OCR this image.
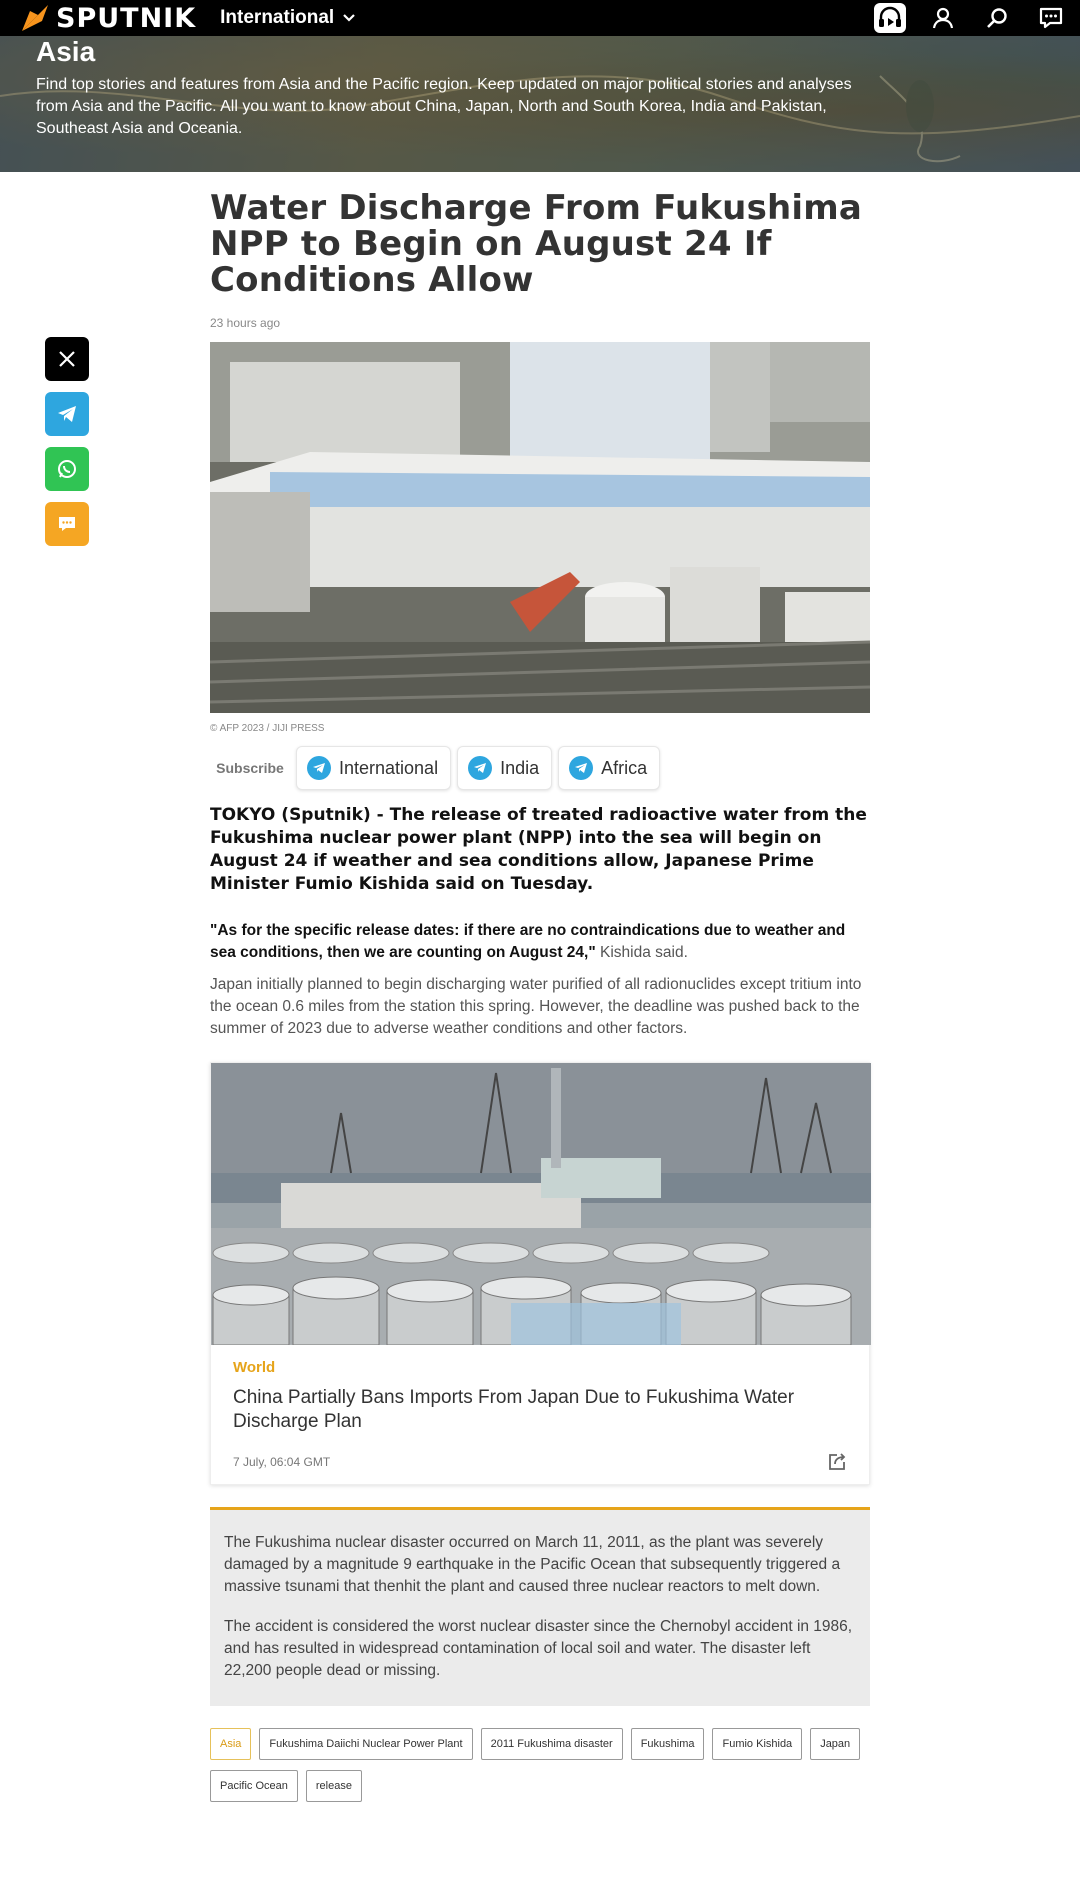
SPUTNIK International
Asia
Find top stories and features from Asia and the Pacific region. Keep updated on major political stories and analyses from Asia and the Pacific. All you want to know about China, Japan, North and South Korea, India and Pakistan, Southeast Asia and Oceania.
Water Discharge From Fukushima NPP to Begin on August 24 If Conditions Allow
23 hours ago
© AFP 2023 / JIJI PRESS
Subscribe	International	India	Africa

TOKYO (Sputnik) - The release of treated radioactive water from the Fukushima nuclear power plant (NPP) into the sea will begin on August 24 if weather and sea conditions allow, Japanese Prime Minister Fumio Kishida said on Tuesday.

"As for the specific release dates: if there are no contraindications due to weather and sea conditions, then we are counting on August 24," Kishida said.

Japan initially planned to begin discharging water purified of all radionuclides except tritium into the ocean 0.6 miles from the station this spring. However, the deadline was pushed back to the summer of 2023 due to adverse weather conditions and other factors.

World
China Partially Bans Imports From Japan Due to Fukushima Water Discharge Plan
7 July, 06:04 GMT

The Fukushima nuclear disaster occurred on March 11, 2011, as the plant was severely damaged by a magnitude 9 earthquake in the Pacific Ocean that subsequently triggered a massive tsunami that thenhit the plant and caused three nuclear reactors to melt down.

The accident is considered the worst nuclear disaster since the Chernobyl accident in 1986, and has resulted in widespread contamination of local soil and water. The disaster left 22,200 people dead or missing.

Asia	Fukushima Daiichi Nuclear Power Plant	2011 Fukushima disaster	Fukushima	Fumio Kishida	Japan
Pacific Ocean	release
